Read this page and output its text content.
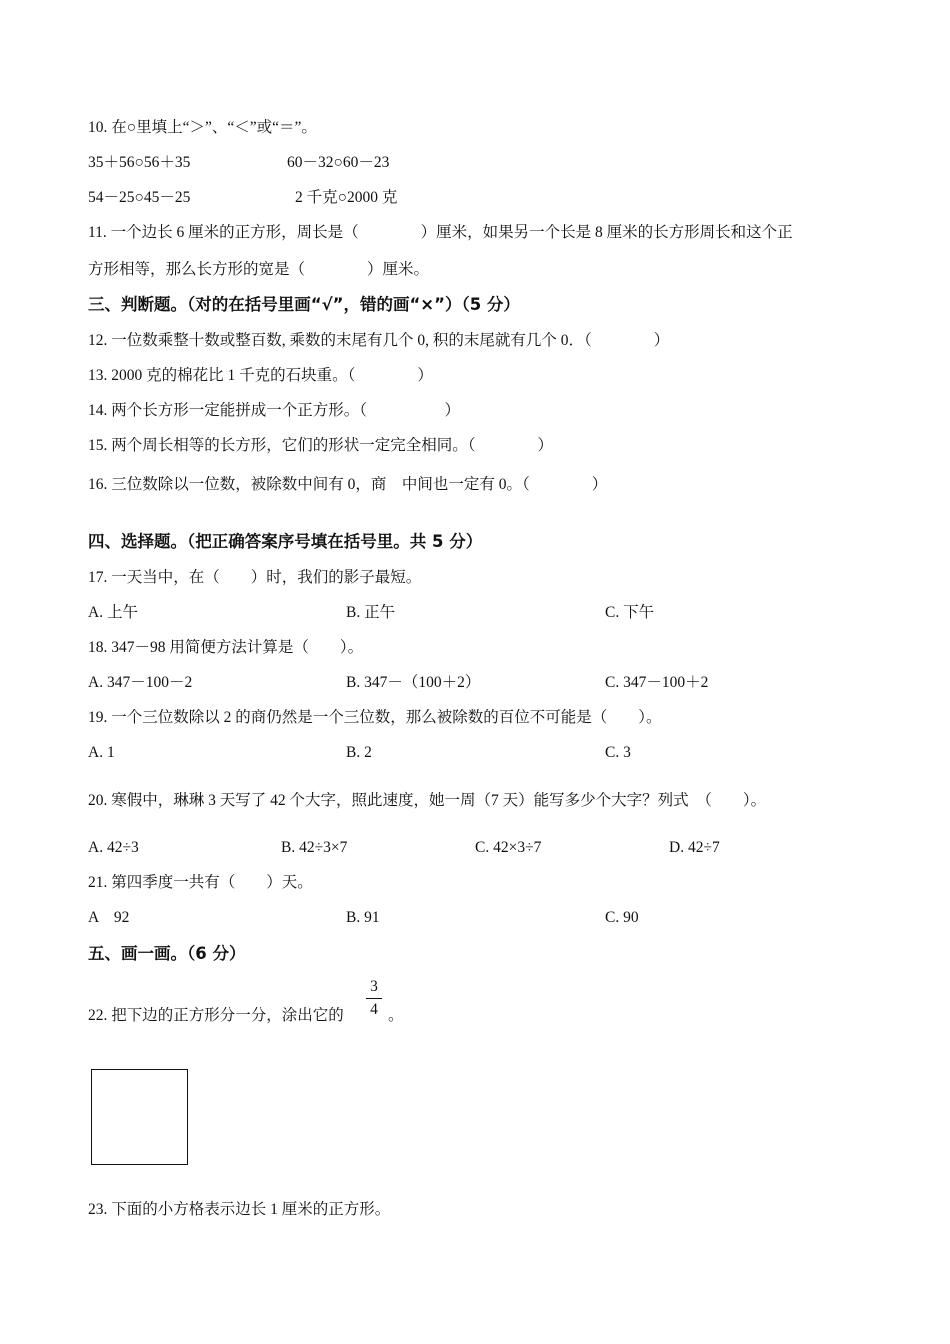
10. 在○里填上“＞”、“＜”或“＝”。
35＋56○56＋35	60－32○60－23
54－25○45－25	2 千克○2000 克
11. 一个边长 6 厘米的正方形，周长是（　　　　）厘米，如果另一个长是 8 厘米的长方形周长和这个正
方形相等，那么长方形的宽是（　　　　）厘米。
三、判断题。（对的在括号里画“√”，错的画“×”）（5 分）
12. 一位数乘整十数或整百数, 乘数的末尾有几个 0, 积的末尾就有几个 0．（　　　　）
13. 2000 克的棉花比 1 千克的石块重。（　　　　）
14. 两个长方形一定能拼成一个正方形。（　　　　　）
15. 两个周长相等的长方形，它们的形状一定完全相同。（　　　　）
16. 三位数除以一位数，被除数中间有 0，商　中间也一定有 0。（　　　　）
四、选择题。（把正确答案序号填在括号里。共 5 分）
17. 一天当中，在（　　）时，我们的影子最短。
A. 上午	B. 正午	C. 下午
18. 347－98 用简便方法计算是（　　）。
A. 347－100－2	B. 347－（100＋2）	C. 347－100＋2
19. 一个三位数除以 2 的商仍然是一个三位数，那么被除数的百位不可能是（　　）。
A. 1	B. 2	C. 3
20. 寒假中，琳琳 3 天写了 42 个大字，照此速度，她一周（7 天）能写多少个大字？列式　（　　）。
A. 42÷3	B. 42÷3×7	C. 42×3÷7	D. 42÷7
21. 第四季度一共有（　　）天。
A　92	B. 91	C. 90
五、画一画。（6 分）
22. 把下边的正方形分一分，涂出它的
3
4 。
23. 下面的小方格表示边长 1 厘米的正方形。
